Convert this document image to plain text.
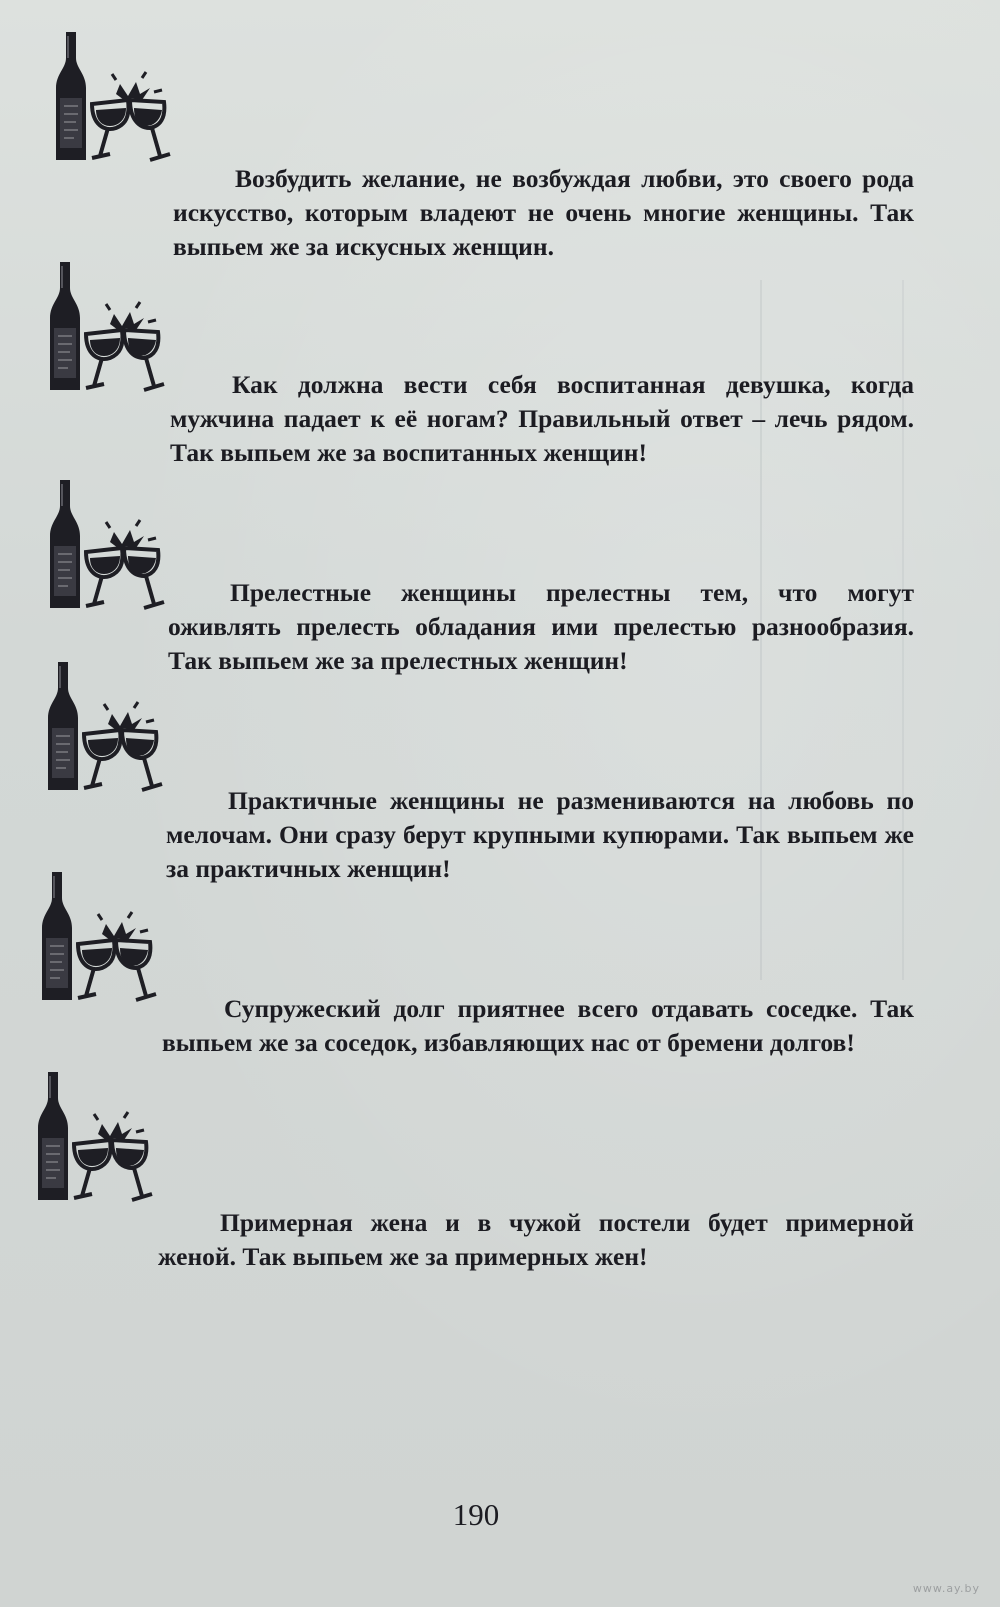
Возбудить желание, не возбуждая любви, это своего рода искусство, которым владеют не очень многие женщины. Так выпьем же за искусных женщин.

Как должна вести себя воспитанная девушка, когда мужчина падает к её ногам? Правильный ответ – лечь рядом. Так выпьем же за воспитанных женщин!

Прелестные женщины прелестны тем, что могут оживлять прелесть обладания ими прелестью разнообразия. Так выпьем же за прелестных женщин!

Практичные женщины не размениваются на любовь по мелочам. Они сразу берут крупными купюрами. Так выпьем же за практичных женщин!

Супружеский долг приятнее всего отдавать соседке. Так выпьем же за соседок, избавляющих нас от бремени долгов!

Примерная жена и в чужой постели будет примерной женой. Так выпьем же за примерных жен!

190
www.ay.by
